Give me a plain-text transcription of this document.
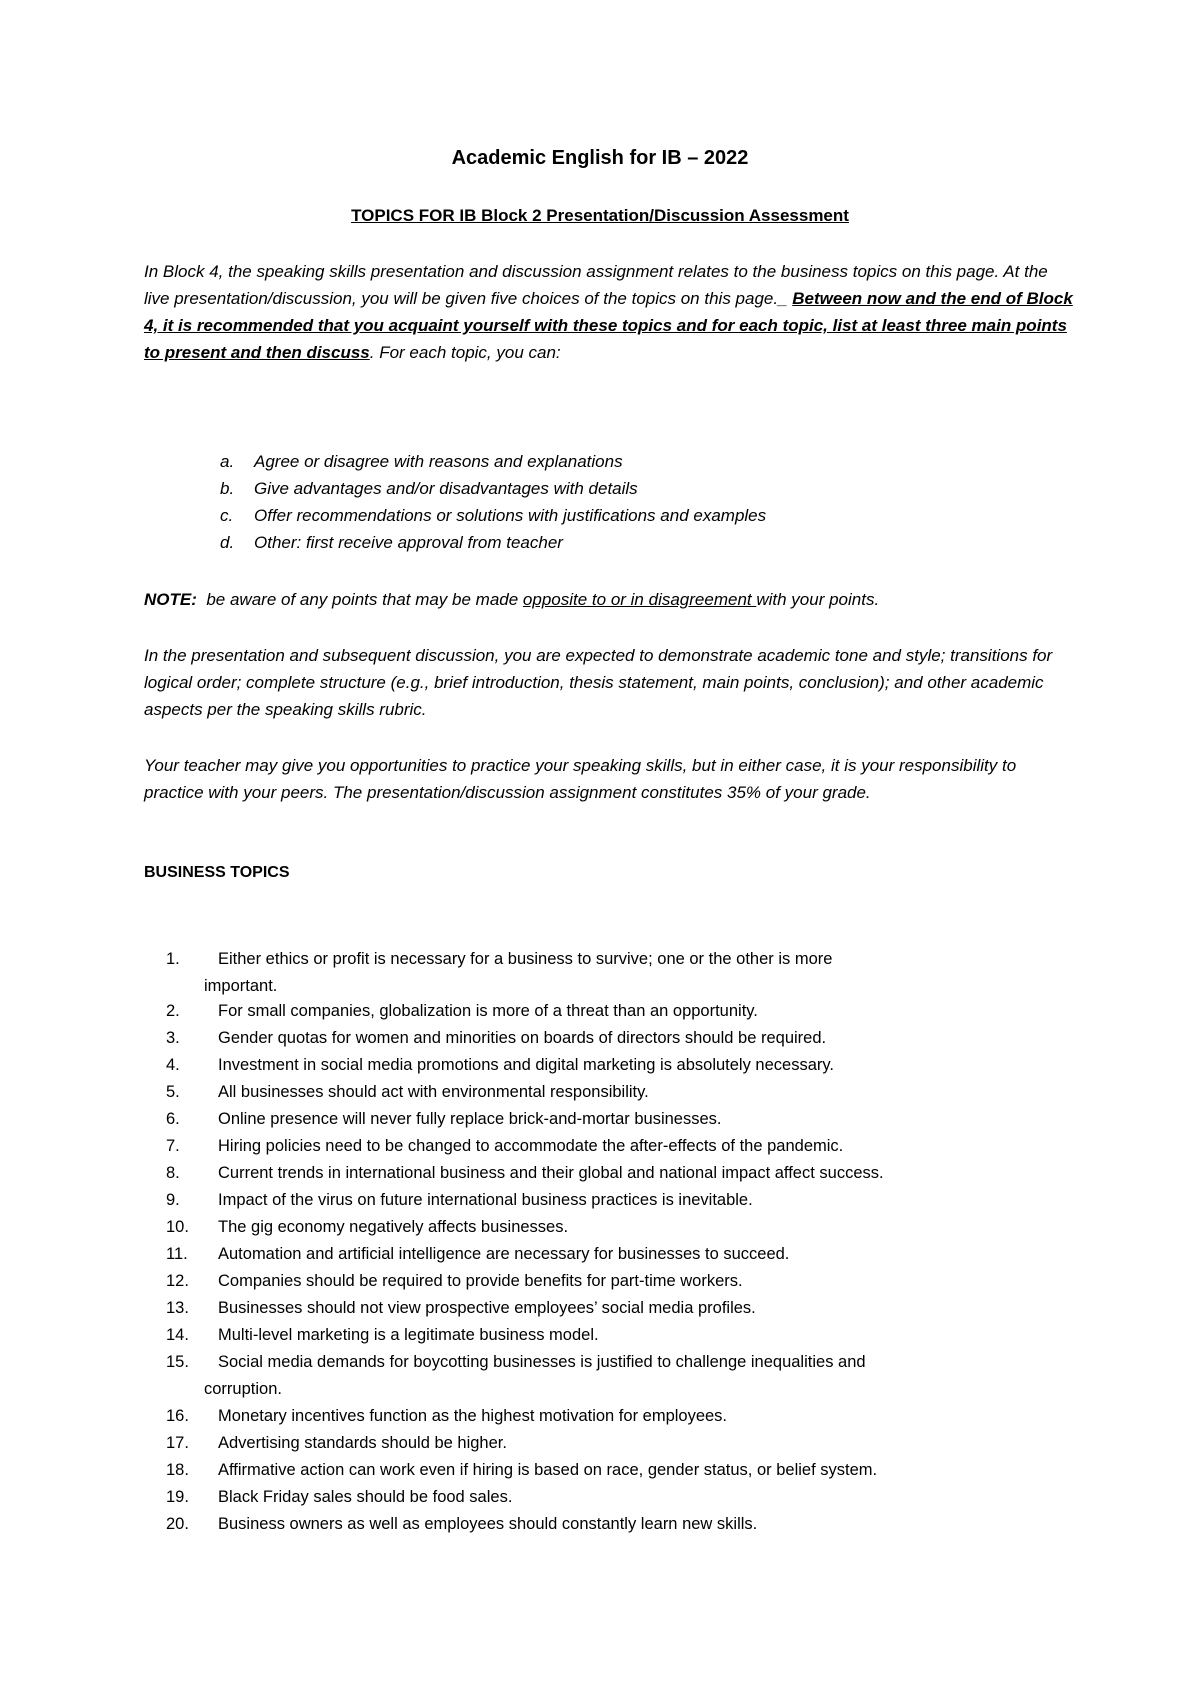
Academic English for IB – 2022
TOPICS FOR IB Block 2 Presentation/Discussion Assessment

In Block 4, the speaking skills presentation and discussion assignment relates to the business topics on this page. At the live presentation/discussion, you will be given five choices of the topics on this page._ Between now and the end of Block 4, it is recommended that you acquaint yourself with these topics and for each topic, list at least three main points to present and then discuss. For each topic, you can:

a. Agree or disagree with reasons and explanations
b. Give advantages and/or disadvantages with details
c. Offer recommendations or solutions with justifications and examples
d. Other: first receive approval from teacher

NOTE:  be aware of any points that may be made opposite to or in disagreement with your points.

In the presentation and subsequent discussion, you are expected to demonstrate academic tone and style; transitions for logical order; complete structure (e.g., brief introduction, thesis statement, main points, conclusion); and other academic aspects per the speaking skills rubric.

Your teacher may give you opportunities to practice your speaking skills, but in either case, it is your responsibility to practice with your peers. The presentation/discussion assignment constitutes 35% of your grade.

BUSINESS TOPICS
1. Either ethics or profit is necessary for a business to survive; one or the other is more
important.
2. For small companies, globalization is more of a threat than an opportunity.
3. Gender quotas for women and minorities on boards of directors should be required.
4. Investment in social media promotions and digital marketing is absolutely necessary.
5. All businesses should act with environmental responsibility.
6. Online presence will never fully replace brick-and-mortar businesses.
7. Hiring policies need to be changed to accommodate the after-effects of the pandemic.
8. Current trends in international business and their global and national impact affect success.
9. Impact of the virus on future international business practices is inevitable.
10. The gig economy negatively affects businesses.
11. Automation and artificial intelligence are necessary for businesses to succeed.
12. Companies should be required to provide benefits for part-time workers.
13. Businesses should not view prospective employees’ social media profiles.
14. Multi-level marketing is a legitimate business model.
15. Social media demands for boycotting businesses is justified to challenge inequalities and
corruption.
16. Monetary incentives function as the highest motivation for employees.
17. Advertising standards should be higher.
18. Affirmative action can work even if hiring is based on race, gender status, or belief system.
19. Black Friday sales should be food sales.
20. Business owners as well as employees should constantly learn new skills.
